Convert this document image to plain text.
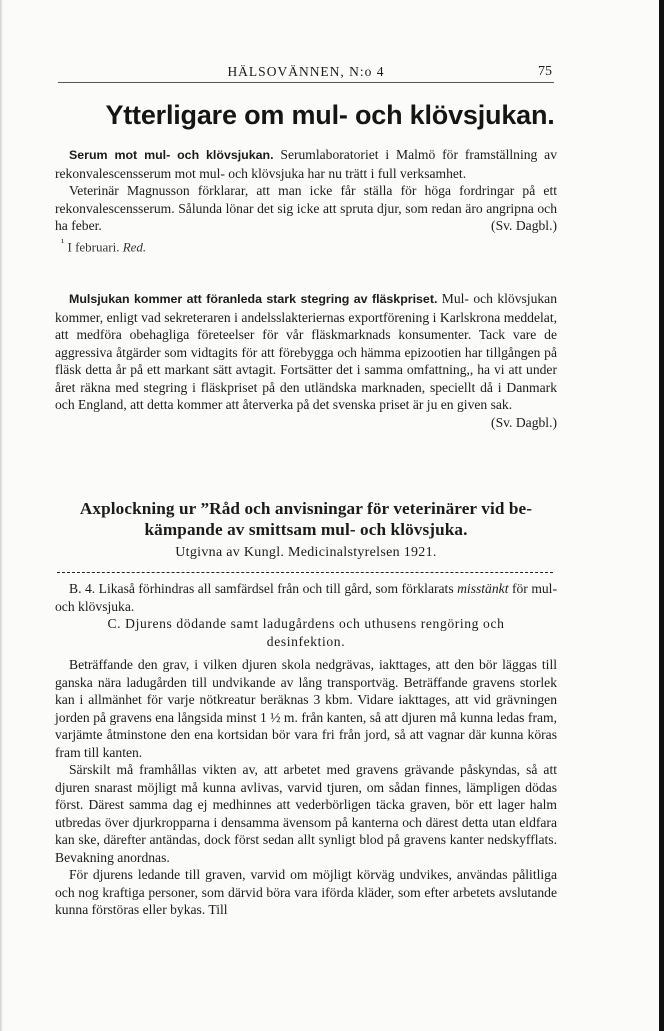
HÄLSOVÄNNEN, N:o 4	75
Ytterligare om mul- och klövsjukan.

Serum mot mul- och klövsjukan. Serumlaboratoriet i Malmö för framställning av rekonvalescensserum mot mul- och klövsjuka har nu trätt i full verksamhet.

Veterinär Magnusson förklarar, att man icke får ställa för höga fordringar på ett rekonvalescensserum. Sålunda lönar det sig icke att spruta djur, som redan äro angripna och ha feber.	(Sv. Dagbl.)

$^{^1}$ I februari. Red.

Mulsjukan kommer att föranleda stark stegring av fläskpriset. Mul- och klövsjukan kommer, enligt vad sekreteraren i andelsslakteriernas exportförening i Karlskrona meddelat, att medföra obehagliga företeelser för vår fläskmarknads konsumenter. Tack vare de aggressiva åtgärder som vidtagits för att förebygga och hämma epizootien har tillgången på fläsk detta år på ett markant sätt avtagit. Fortsätter det i samma omfattning,, ha vi att under året räkna med stegring i fläskpriset på den utländska marknaden, speciellt då i Danmark och England, att detta kommer att återverka på det svenska priset är ju en given sak.

(Sv. Dagbl.)

Axplockning ur ”Råd och anvisningar för veterinärer vid be-
kämpande av smittsam mul- och klövsjuka.
Utgivna av Kungl. Medicinalstyrelsen 1921.

B. 4. Likaså förhindras all samfärdsel från och till gård, som förklarats misstänkt för mul- och klövsjuka.

C. Djurens dödande samt ladugårdens och uthusens rengöring och
desinfektion.

Beträffande den grav, i vilken djuren skola nedgrävas, iakttages, att den bör läggas till ganska nära ladugården till undvikande av lång transportväg. Beträffande gravens storlek kan i allmänhet för varje nötkreatur beräknas 3 kbm. Vidare iakttages, att vid grävningen jorden på gravens ena långsida minst 1 ½ m. från kanten, så att djuren må kunna ledas fram, varjämte åtminstone den ena kortsidan bör vara fri från jord, så att vagnar där kunna köras fram till kanten.

Särskilt må framhållas vikten av, att arbetet med gravens grävande påskyndas, så att djuren snarast möjligt må kunna avlivas, varvid tjuren, om sådan finnes, lämpligen dödas först. Därest samma dag ej medhinnes att vederbörligen täcka graven, bör ett lager halm utbredas över djurkropparna i densamma ävensom på kanterna och därest detta utan eldfara kan ske, därefter antändas, dock först sedan allt synligt blod på gravens kanter nedskyfflats. Bevakning anordnas.

För djurens ledande till graven, varvid om möjligt körväg undvikes, användas pålitliga och nog kraftiga personer, som därvid böra vara iförda kläder, som efter arbetets avslutande kunna förstöras eller bykas. Till
